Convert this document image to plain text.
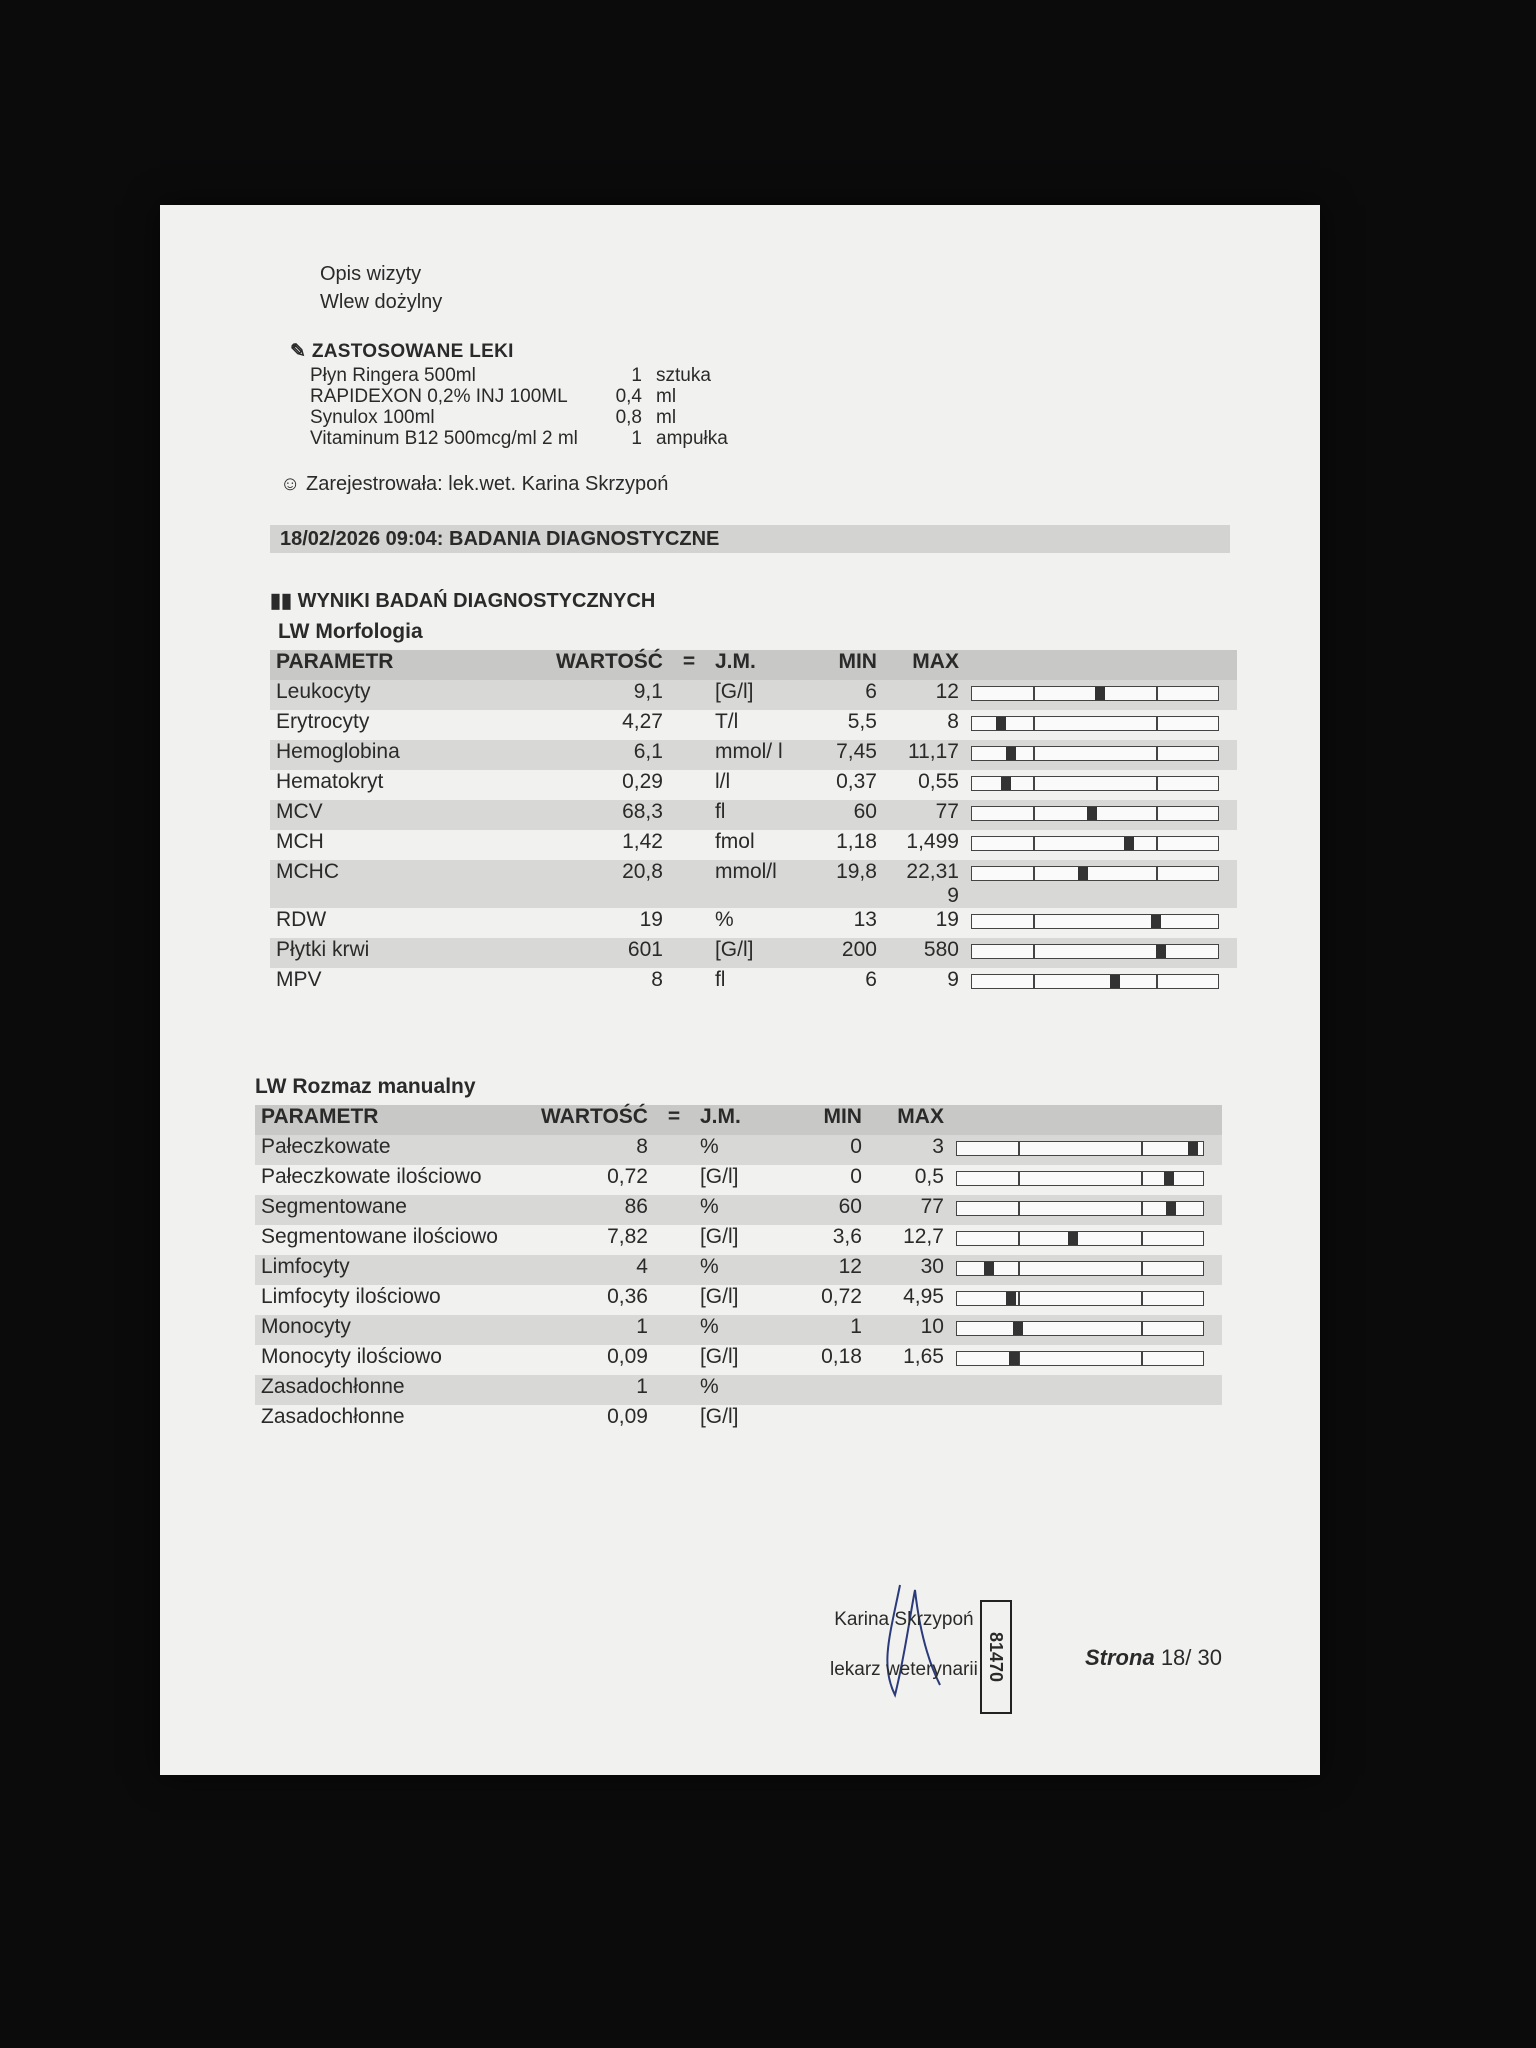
Opis wizyty
Wlew dożylny
✎ ZASTOSOWANE LEKI
Płyn Ringera 500ml	1 sztuka
RAPIDEXON 0,2% INJ 100ML	0,4 ml
Synulox 100ml	0,8 ml
Vitaminum B12 500mcg/ml 2 ml	1 ampułka
☺ Zarejestrowała: lek.wet. Karina Skrzypoń
18/02/2026 09:04: BADANIA DIAGNOSTYCZNE
▮▮ WYNIKI BADAŃ DIAGNOSTYCZNYCH
LW Morfologia
PARAMETR	WARTOŚĆ	=	J.M.	MIN	MAX	
Leukocyty	9,1		[G/l]	6	12	

Erytrocyty	4,27		T/l	5,5	8	

Hemoglobina	6,1		mmol/ l	7,45	11,17	

Hematokryt	0,29		l/l	0,37	0,55	

MCV	68,3		fl	60	77	

MCH	1,42		fmol	1,18	1,499	

MCHC	20,8		mmol/l	19,8	22,31 9	

RDW	19		%	13	19	

Płytki krwi	601		[G/l]	200	580	

MPV	8		fl	6	9	
LW Rozmaz manualny
PARAMETR	WARTOŚĆ	=	J.M.	MIN	MAX	
Pałeczkowate	8		%	0	3	

Pałeczkowate ilościowo	0,72		[G/l]	0	0,5	

Segmentowane	86		%	60	77	

Segmentowane ilościowo	7,82		[G/l]	3,6	12,7	

Limfocyty	4		%	12	30	

Limfocyty ilościowo	0,36		[G/l]	0,72	4,95	

Monocyty	1		%	1	10	

Monocyty ilościowo	0,09		[G/l]	0,18	1,65	

Zasadochłonne	1		%			
Zasadochłonne	0,09		[G/l]			
Karina Skrzypoń
lekarz weterynarii 81470	Strona 18/ 30
